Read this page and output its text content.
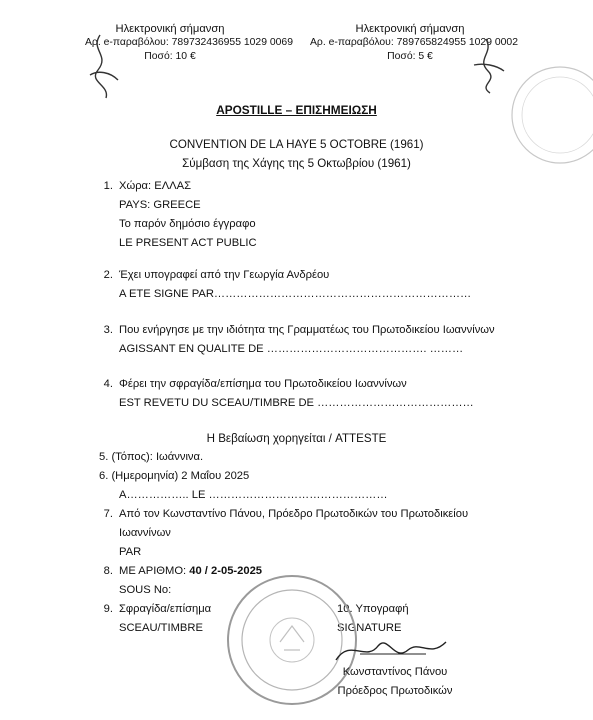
Ηλεκτρονική σήμανση
Αρ. e-παραβόλου: 789732436955 1029 0069
Ποσό: 10 €
Ηλεκτρονική σήμανση
Αρ. e-παραβόλου: 789765824955 1029 0002
Ποσό: 5 €
APOSTILLE – ΕΠΙΣΗΜΕΙΩΣΗ
CONVENTION DE LA HAYE 5 OCTOBRE (1961)
Σύμβαση της Χάγης της 5 Οκτωβρίου (1961)
1. Χώρα: ΕΛΛΑΣ
PAYS: GREECE
Το παρόν δημόσιο έγγραφο
LE PRESENT ACT PUBLIC
2. Έχει υπογραφεί από την Γεωργία Ανδρέου
A ETE SIGNE PAR……………………………………………………………
3. Που ενήργησε με την ιδιότητα της Γραμματέως του Πρωτοδικείου Ιωαννίνων
AGISSANT EN QUALITE DE ……………………………………. ………
4. Φέρει την σφραγίδα/επίσημα του Πρωτοδικείου Ιωαννίνων
EST REVETU DU SCEAU/TIMBRE DE ……………………………………
Η Βεβαίωση χορηγείται / ATTESTE
5. (Τόπος): Ιωάννινα.
6. (Ημερομηνία) 2 Μαΐου 2025
A…………….. LE …………………………………………
7. Από τον Κωνσταντίνο Πάνου, Πρόεδρο Πρωτοδικών του Πρωτοδικείου
Ιωαννίνων
PAR
8. ΜΕ ΑΡΙΘΜΟ: 40 / 2-05-2025
SOUS No:
9. Σφραγίδα/επίσημα
SCEAU/TIMBRE
10. Υπογραφή
SIGNATURE
Κωνσταντίνος Πάνου
Πρόεδρος Πρωτοδικών
